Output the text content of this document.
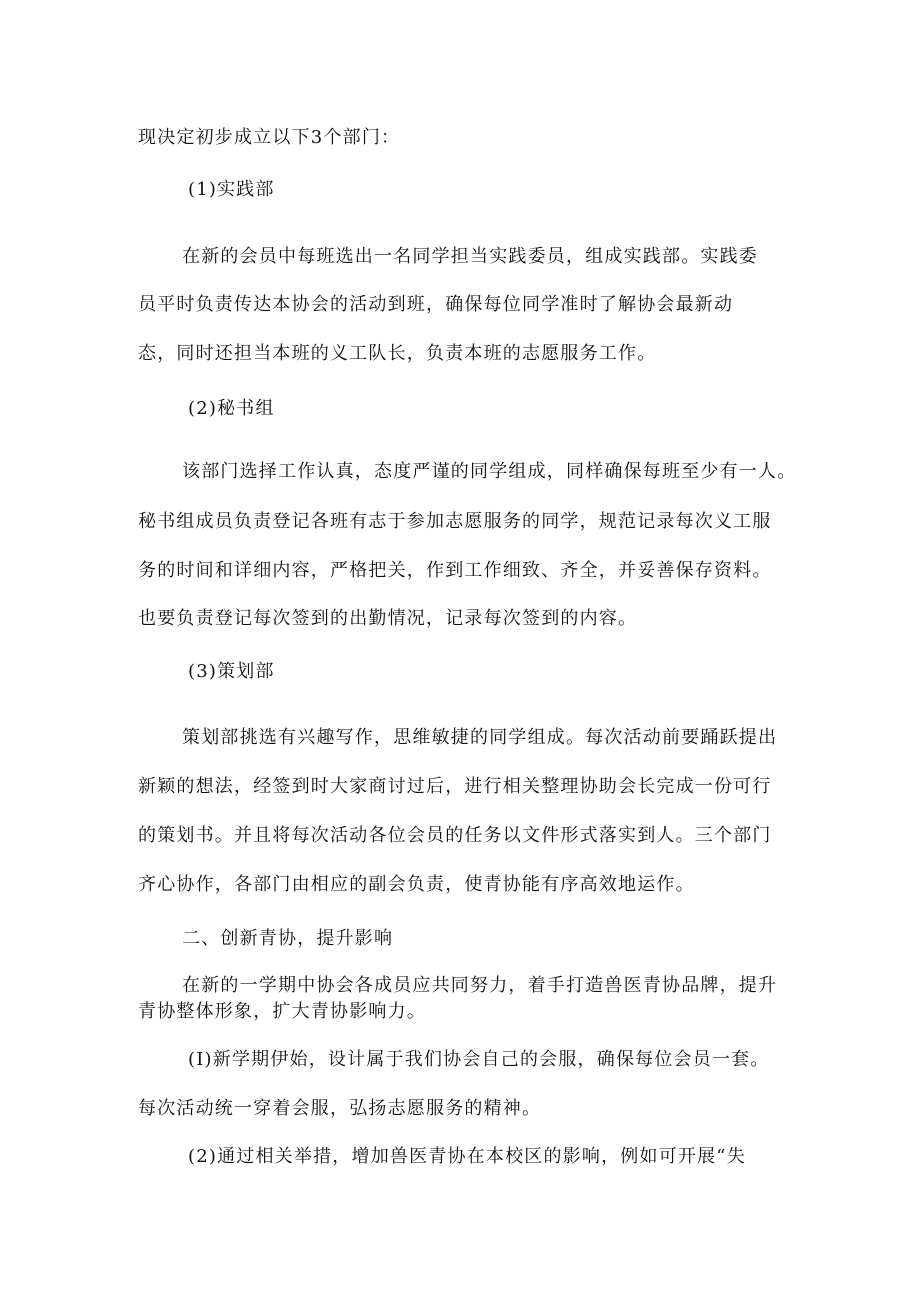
现决定初步成立以下3个部门：
(1)实践部
在新的会员中每班选出一名同学担当实践委员，组成实践部。实践委
员平时负责传达本协会的活动到班，确保每位同学准时了解协会最新动
态，同时还担当本班的义工队长，负责本班的志愿服务工作。
(2)秘书组
该部门选择工作认真，态度严谨的同学组成，同样确保每班至少有一人。
秘书组成员负责登记各班有志于参加志愿服务的同学，规范记录每次义工服
务的时间和详细内容，严格把关，作到工作细致、齐全，并妥善保存资料。
也要负责登记每次签到的出勤情况，记录每次签到的内容。
(3)策划部
策划部挑选有兴趣写作，思维敏捷的同学组成。每次活动前要踊跃提出
新颖的想法，经签到时大家商讨过后，进行相关整理协助会长完成一份可行
的策划书。并且将每次活动各位会员的任务以文件形式落实到人。三个部门
齐心协作，各部门由相应的副会负责，使青协能有序高效地运作。
二、创新青协，提升影响
在新的一学期中协会各成员应共同努力，着手打造兽医青协品牌，提升
青协整体形象，扩大青协影响力。
(I)新学期伊始，设计属于我们协会自己的会服，确保每位会员一套。
每次活动统一穿着会服，弘扬志愿服务的精神。
(2)通过相关举措，增加兽医青协在本校区的影响，例如可开展“失
